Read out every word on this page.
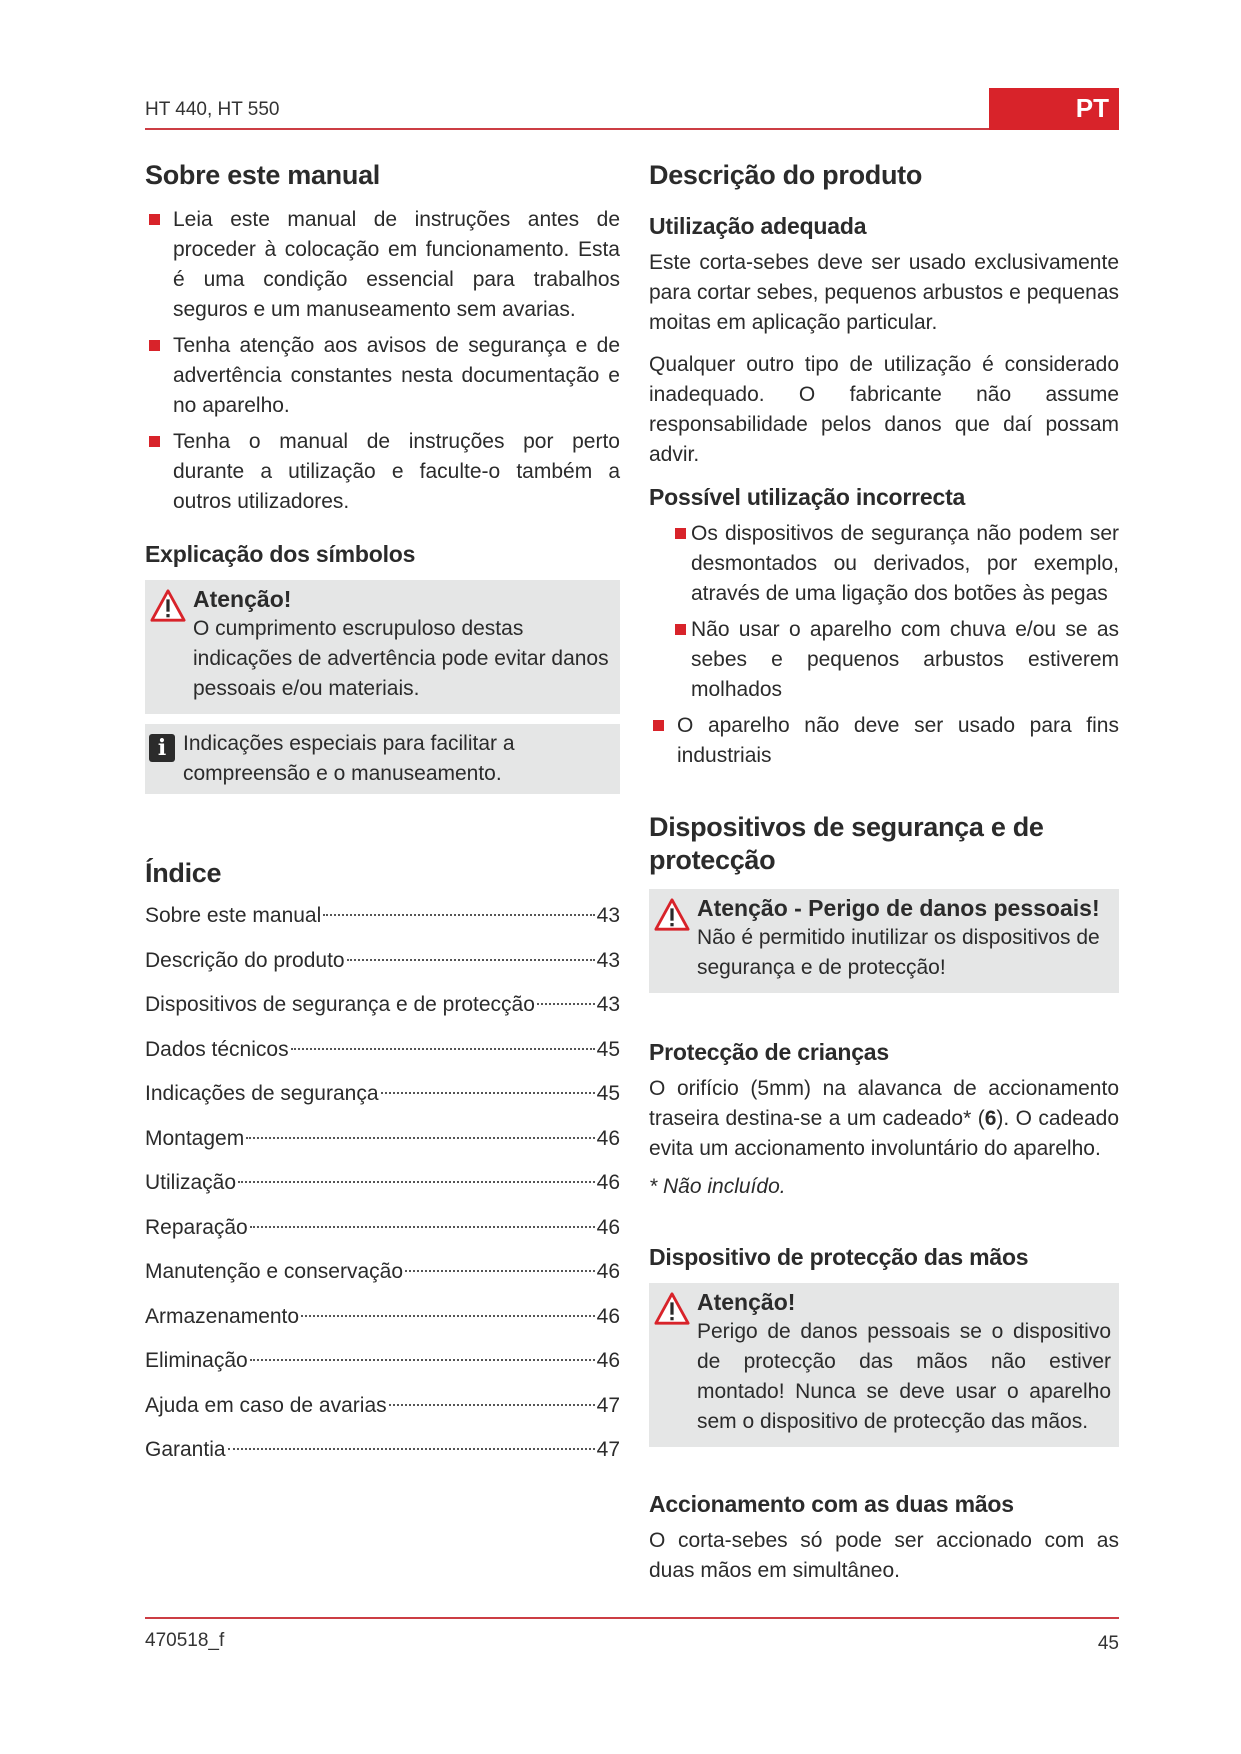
HT 440, HT 550	PT
Sobre este manual
Leia este manual de instruções antes de proceder à colocação em funcionamento. Esta é uma condição essencial para trabalhos seguros e um manuseamento sem avarias.
Tenha atenção aos avisos de segurança e de advertência constantes nesta documentação e no aparelho.
Tenha o manual de instruções por perto durante a utilização e faculte-o também a outros utilizadores.
Explicação dos símbolos
Atenção!
O cumprimento escrupuloso destas indicações de advertência pode evitar danos pessoais e/ou materiais.
i Indicações especiais para facilitar a compreensão e o manuseamento.
Índice
Sobre este manual	43
Descrição do produto	43
Dispositivos de segurança e de protecção	43
Dados técnicos	45
Indicações de segurança	45
Montagem	46
Utilização	46
Reparação	46
Manutenção e conservação	46
Armazenamento	46
Eliminação	46
Ajuda em caso de avarias	47
Garantia	47
Descrição do produto
Utilização adequada

Este corta-sebes deve ser usado exclusivamente para cortar sebes, pequenos arbustos e pequenas moitas em aplicação particular.

Qualquer outro tipo de utilização é considerado inadequado. O fabricante não assume responsabilidade pelos danos que daí possam advir.

Possível utilização incorrecta
Os dispositivos de segurança não podem ser desmontados ou derivados, por exemplo, através de uma ligação dos botões às pegas
Não usar o aparelho com chuva e/ou se as sebes e pequenos arbustos estiverem molhados
O aparelho não deve ser usado para fins industriais
Dispositivos de segurança e de protecção
Atenção - Perigo de danos pessoais!
Não é permitido inutilizar os dispositivos de segurança e de protecção!
Protecção de crianças

O orifício (5mm) na alavanca de accionamento traseira destina-se a um cadeado* (6). O cadeado evita um accionamento involuntário do aparelho.

* Não incluído.

Dispositivo de protecção das mãos
Atenção!
Perigo de danos pessoais se o dispositivo de protecção das mãos não estiver montado! Nunca se deve usar o aparelho sem o dispositivo de protecção das mãos.
Accionamento com as duas mãos

O corta-sebes só pode ser accionado com as duas mãos em simultâneo.

470518_f	45
